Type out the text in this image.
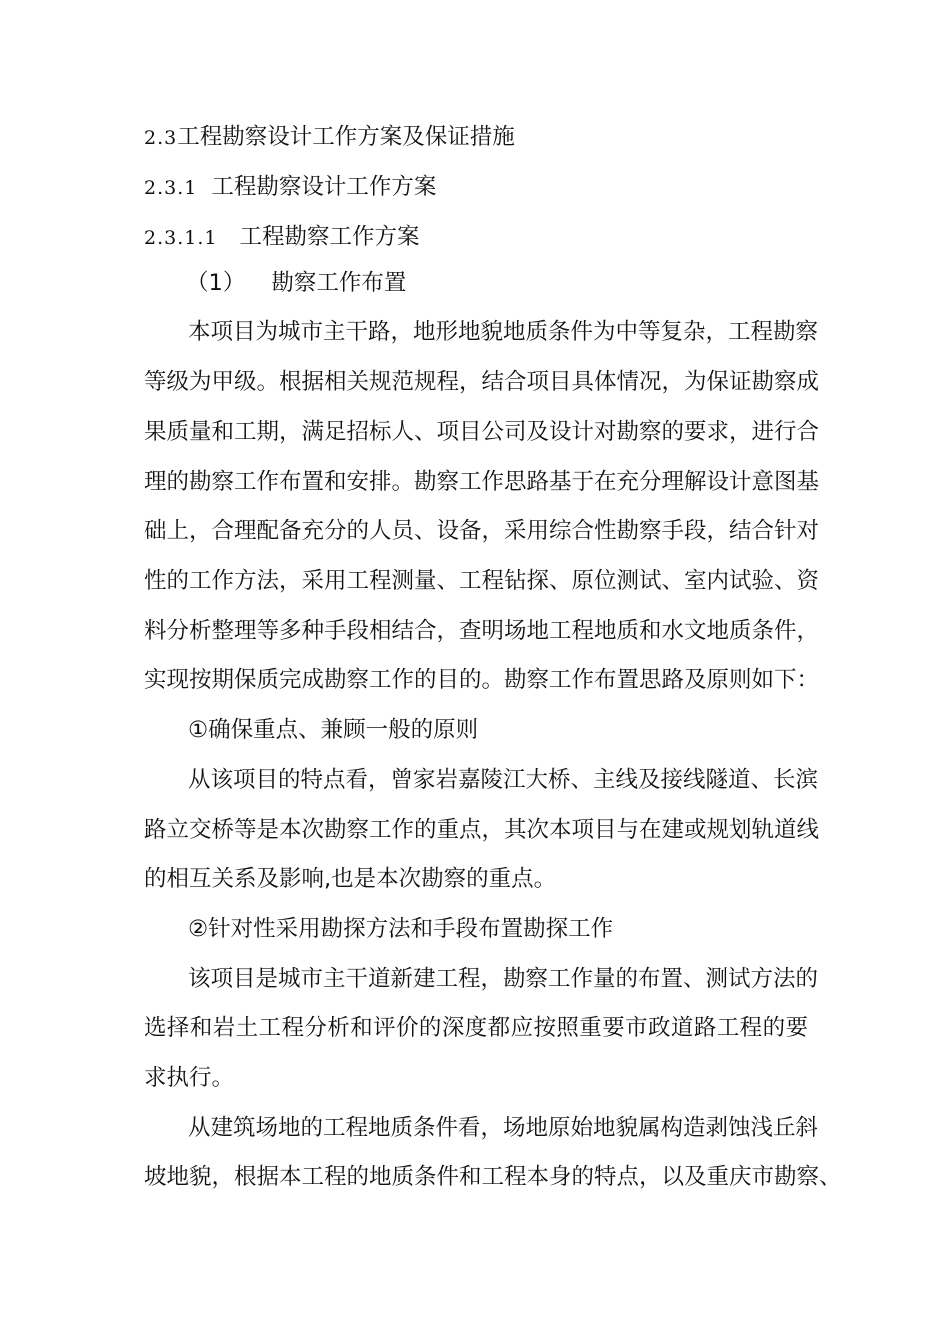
2.3工程勘察设计工作方案及保证措施
2.3.1 工程勘察设计工作方案
2.3.1.1 工程勘察工作方案
（1） 勘察工作布置
本项目为城市主干路，地形地貌地质条件为中等复杂，工程勘察
等级为甲级。根据相关规范规程，结合项目具体情况，为保证勘察成
果质量和工期，满足招标人、项目公司及设计对勘察的要求，进行合
理的勘察工作布置和安排。勘察工作思路基于在充分理解设计意图基
础上，合理配备充分的人员、设备，采用综合性勘察手段，结合针对
性的工作方法，采用工程测量、工程钻探、原位测试、室内试验、资
料分析整理等多种手段相结合，查明场地工程地质和水文地质条件，
实现按期保质完成勘察工作的目的。勘察工作布置思路及原则如下：
①确保重点、兼顾一般的原则
从该项目的特点看，曾家岩嘉陵江大桥、主线及接线隧道、长滨
路立交桥等是本次勘察工作的重点，其次本项目与在建或规划轨道线
的相互关系及影响,也是本次勘察的重点。
②针对性采用勘探方法和手段布置勘探工作
该项目是城市主干道新建工程，勘察工作量的布置、测试方法的
选择和岩土工程分析和评价的深度都应按照重要市政道路工程的要
求执行。
从建筑场地的工程地质条件看，场地原始地貌属构造剥蚀浅丘斜
坡地貌，根据本工程的地质条件和工程本身的特点，以及重庆市勘察、
